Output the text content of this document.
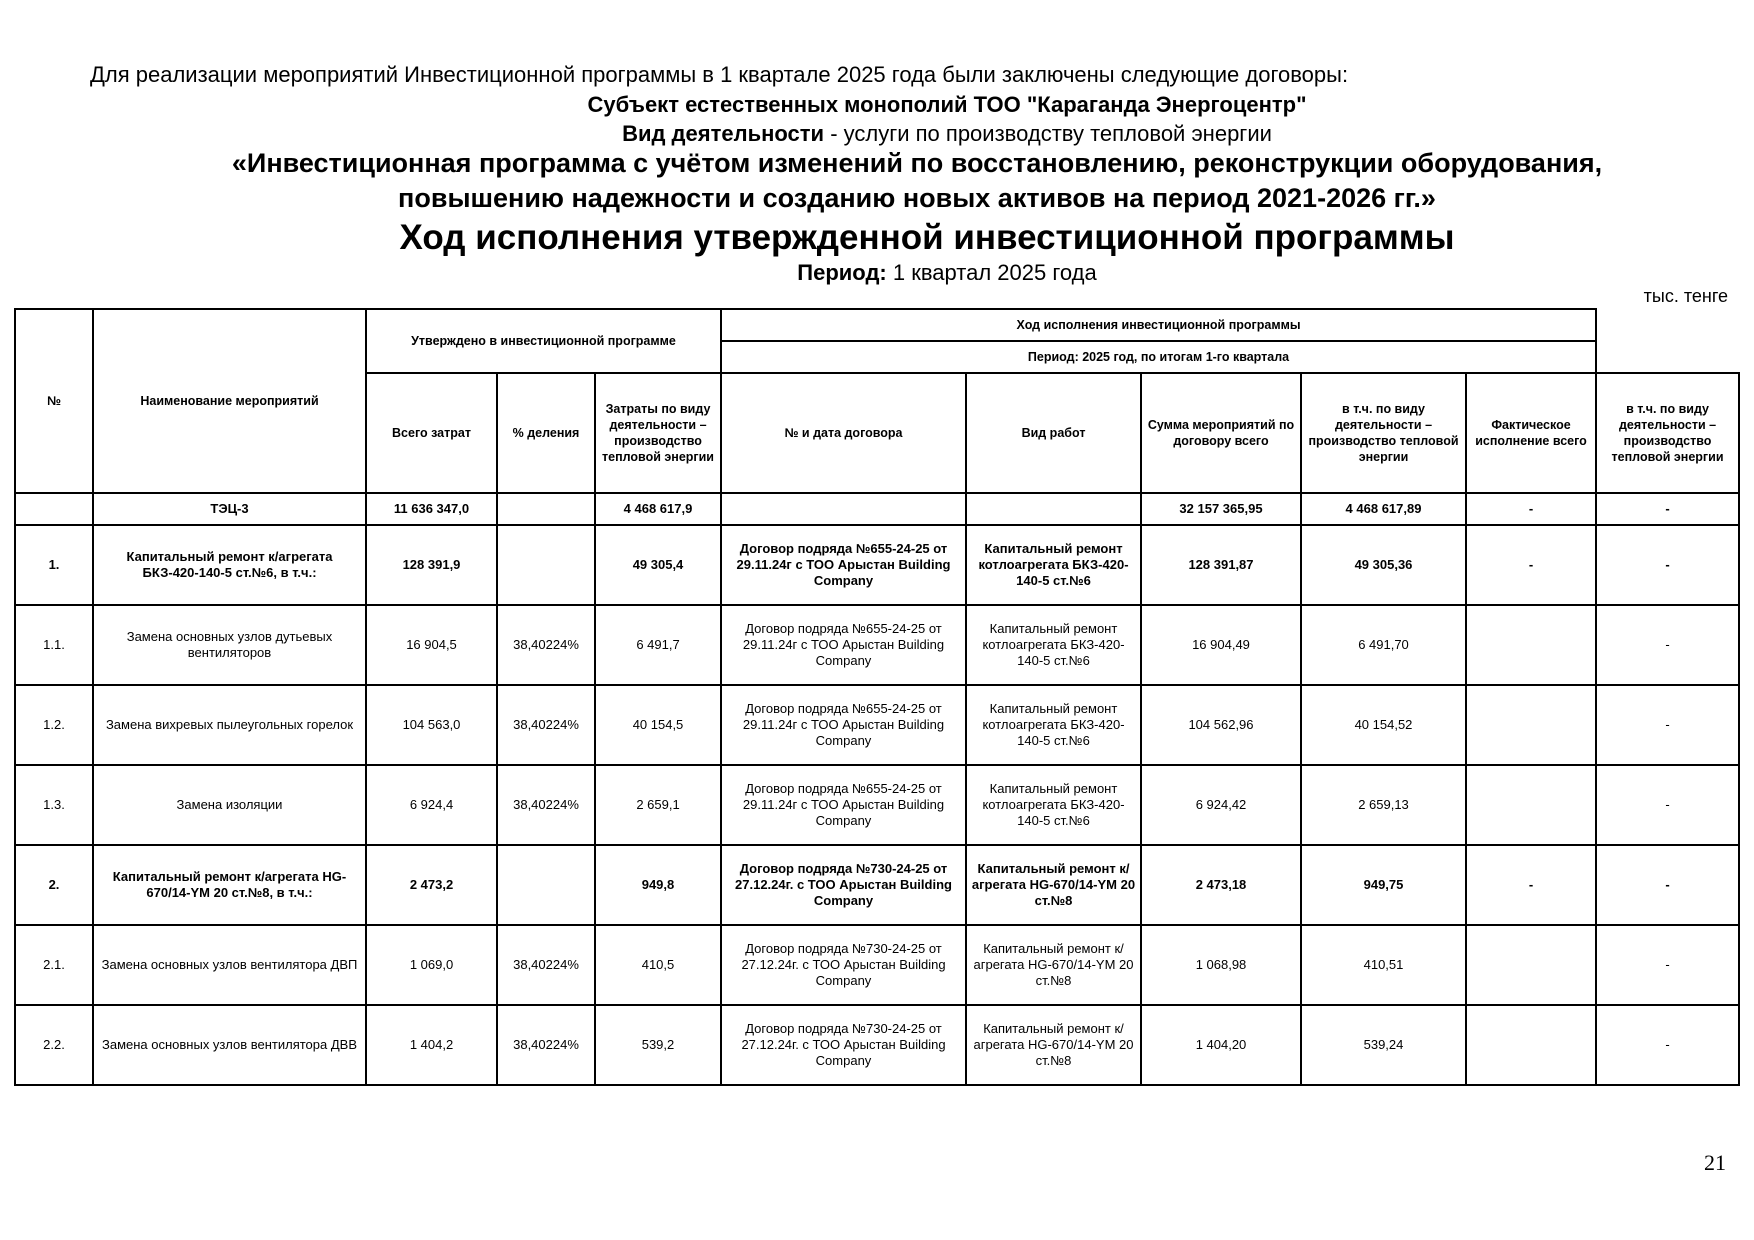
Для реализации мероприятий Инвестиционной программы в 1 квартале 2025 года были заключены следующие договоры:
Субъект естественных монополий ТОО "Караганда Энергоцентр"
Вид деятельности - услуги по производству тепловой энергии
«Инвестиционная программа с учётом изменений по восстановлению, реконструкции оборудования,
повышению надежности и созданию новых активов на период 2021-2026 гг.»
Ход исполнения утвержденной инвестиционной программы
Период: 1 квартал 2025 года
тыс. тенге
№	Наименование мероприятий	Утверждено в инвестиционной программе			Ход исполнения инвестиционной программы					
					Период: 2025 год, по итогам 1-го квартала					
		Всего затрат	% деления	Затраты по виду деятельности – производство тепловой энергии	№ и дата договора	Вид работ	Сумма мероприятий по договору всего	в т.ч. по виду деятельности – производство тепловой энергии	Фактическое исполнение всего	в т.ч. по виду деятельности – производство тепловой энергии
	ТЭЦ-3	11 636 347,0		4 468 617,9			32 157 365,95	4 468 617,89	-	-
1.	Капитальный ремонт к/агрегата БКЗ-420-140-5 ст.№6, в т.ч.:	128 391,9		49 305,4	Договор подряда №655-24-25 от 29.11.24г с ТОО Арыстан Building Company	Капитальный ремонт котлоагрегата БКЗ-420-140-5 ст.№6	128 391,87	49 305,36	-	-
1.1.	Замена основных узлов дутьевых вентиляторов	16 904,5	38,40224%	6 491,7	Договор подряда №655-24-25 от 29.11.24г с ТОО Арыстан Building Company	Капитальный ремонт котлоагрегата БКЗ-420-140-5 ст.№6	16 904,49	6 491,70		-
1.2.	Замена вихревых пылеугольных горелок	104 563,0	38,40224%	40 154,5	Договор подряда №655-24-25 от 29.11.24г с ТОО Арыстан Building Company	Капитальный ремонт котлоагрегата БКЗ-420-140-5 ст.№6	104 562,96	40 154,52		-
1.3.	Замена изоляции	6 924,4	38,40224%	2 659,1	Договор подряда №655-24-25 от 29.11.24г с ТОО Арыстан Building Company	Капитальный ремонт котлоагрегата БКЗ-420-140-5 ст.№6	6 924,42	2 659,13		-
2.	Капитальный ремонт к/агрегата HG-670/14-YM 20 ст.№8, в т.ч.:	2 473,2		949,8	Договор подряда №730-24-25 от 27.12.24г. с ТОО Арыстан Building Company	Капитальный ремонт к/агрегата HG-670/14-YM 20 ст.№8	2 473,18	949,75	-	-
2.1.	Замена основных узлов вентилятора ДВП	1 069,0	38,40224%	410,5	Договор подряда №730-24-25 от 27.12.24г. с ТОО Арыстан Building Company	Капитальный ремонт к/агрегата HG-670/14-YM 20 ст.№8	1 068,98	410,51		-
2.2.	Замена основных узлов вентилятора ДВВ	1 404,2	38,40224%	539,2	Договор подряда №730-24-25 от 27.12.24г. с ТОО Арыстан Building Company	Капитальный ремонт к/агрегата HG-670/14-YM 20 ст.№8	1 404,20	539,24		-
21
